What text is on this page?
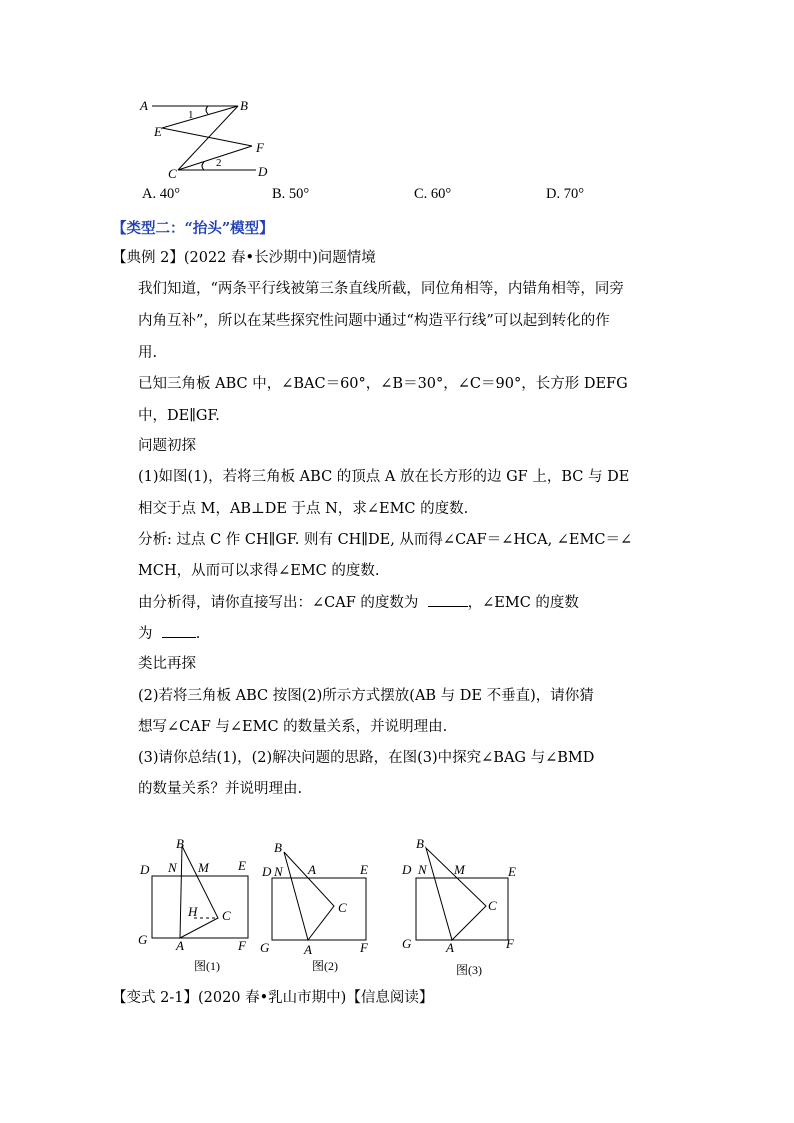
A	B
E
F
C	D
1
2
A. 40°	B. 50°	C. 60°	D. 70°
【类型二：“抬头”模型】
【典例 2】(2022 春•长沙期中)问题情境
我们知道，“两条平行线被第三条直线所截，同位角相等，内错角相等，同旁
内角互补”，所以在某些探究性问题中通过“构造平行线”可以起到转化的作
用.
已知三角板 ABC 中，∠BAC＝60°，∠B＝30°，∠C＝90°，长方形 DEFG
中，DE∥GF.
问题初探
(1)如图(1)，若将三角板 ABC 的顶点 A 放在长方形的边 GF 上，BC 与 DE
相交于点 M，AB⊥DE 于点 N，求∠EMC 的度数.
分析: 过点 C 作 CH∥GF. 则有 CH∥DE, 从而得∠CAF＝∠HCA, ∠EMC＝∠
MCH，从而可以求得∠EMC 的度数.
由分析得，请你直接写出：∠CAF 的度数为	，∠EMC 的度数
为	.
类比再探
(2)若将三角板 ABC 按图(2)所示方式摆放(AB 与 DE 不垂直)，请你猜
想写∠CAF 与∠EMC 的数量关系，并说明理由.
(3)请你总结(1)，(2)解决问题的思路，在图(3)中探究∠BAG 与∠BMD
的数量关系？并说明理由.
B
D N M E
H C
G A	F
图(1)
B
D N A	E
C
G	A	F
图(2)
B
D N M	E
C
G	A	F
图(3)
【变式 2-1】(2020 春•乳山市期中)【信息阅读】
